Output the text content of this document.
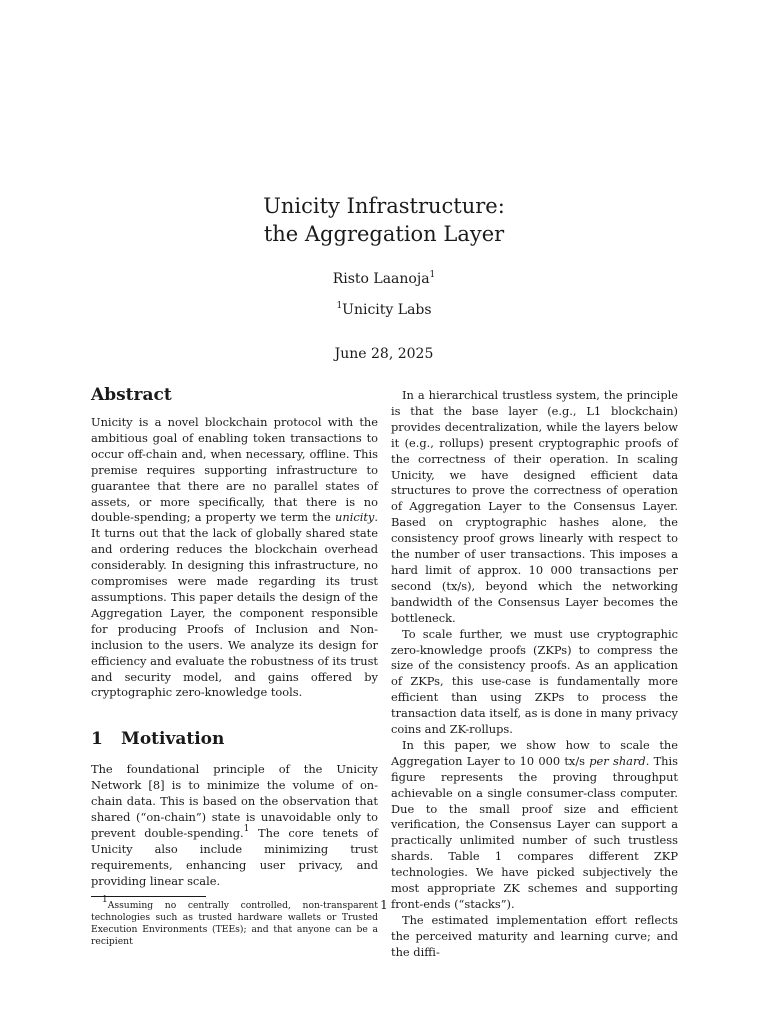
Unicity Infrastructure:
the Aggregation Layer
Risto Laanoja$^1$
$^1$Unicity Labs
June 28, 2025
Abstract

Unicity is a novel blockchain protocol with the ambitious goal of enabling token transactions to occur off-chain and, when necessary, offline. This premise requires supporting infrastructure to guarantee that there are no parallel states of assets, or more specifically, that there is no double-spending; a property we term the unicity. It turns out that the lack of globally shared state and ordering reduces the blockchain overhead considerably. In designing this infrastructure, no compromises were made regarding its trust assumptions. This paper details the design of the Aggregation Layer, the component responsible for producing Proofs of Inclusion and Non-inclusion to the users. We analyze its design for efficiency and evaluate the robustness of its trust and security model, and gains offered by cryptographic zero-knowledge tools.

1 Motivation

The foundational principle of the Unicity Network [8] is to minimize the volume of on-chain data. This is based on the observation that shared (“on-chain”) state is unavoidable only to prevent double-spending.$^1$ The core tenets of Unicity also include minimizing trust requirements, enhancing user privacy, and providing linear scale.

$^1$Assuming no centrally controlled, non-transparent technologies such as trusted hardware wallets or Trusted Execution Environments (TEEs); and that anyone can be a recipient

In a hierarchical trustless system, the principle is that the base layer (e.g., L1 blockchain) provides decentralization, while the layers below it (e.g., rollups) present cryptographic proofs of the correctness of their operation. In scaling Unicity, we have designed efficient data structures to prove the correctness of operation of Aggregation Layer to the Consensus Layer. Based on cryptographic hashes alone, the consistency proof grows linearly with respect to the number of user transactions. This imposes a hard limit of approx. 10 000 transactions per second (tx/s), beyond which the networking bandwidth of the Consensus Layer becomes the bottleneck.

To scale further, we must use cryptographic zero-knowledge proofs (ZKPs) to compress the size of the consistency proofs. As an application of ZKPs, this use-case is fundamentally more efficient than using ZKPs to process the transaction data itself, as is done in many privacy coins and ZK-rollups.

In this paper, we show how to scale the Aggregation Layer to 10 000 tx/s per shard. This figure represents the proving throughput achievable on a single consumer-class computer. Due to the small proof size and efficient verification, the Consensus Layer can support a practically unlimited number of such trustless shards. Table 1 compares different ZKP technologies. We have picked subjectively the most appropriate ZK schemes and supporting front-ends (“stacks”).

The estimated implementation effort reflects the perceived maturity and learning curve; and the diffi-

1
